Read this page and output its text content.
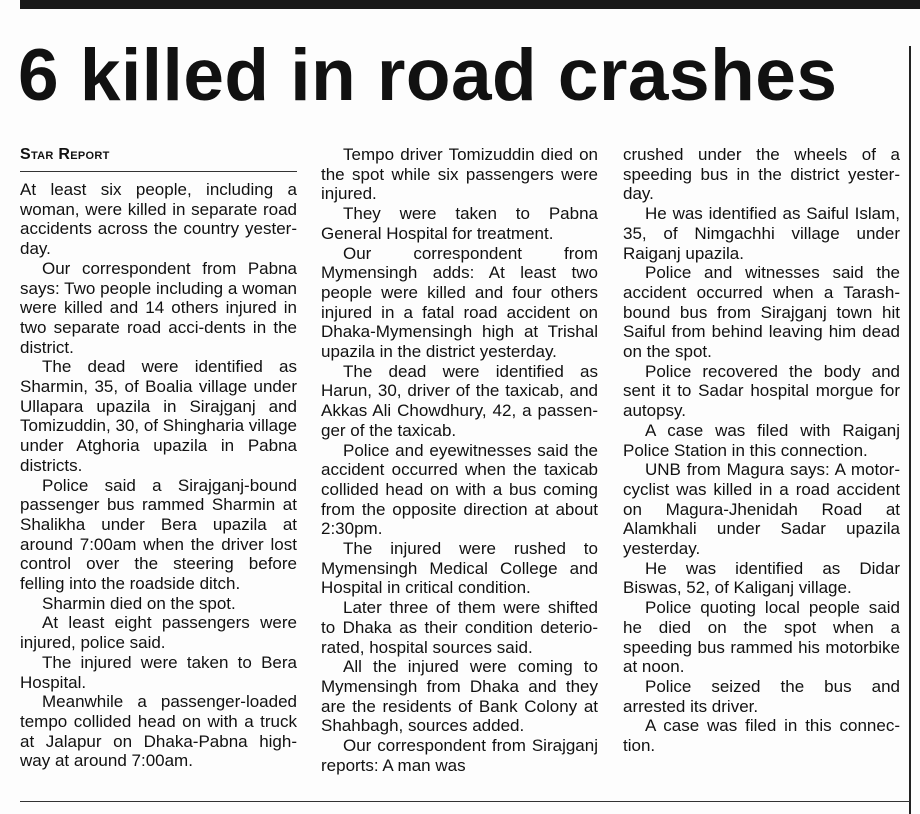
6 killed in road crashes
Star Report

At least six people, including a woman, were killed in separate road accidents across the country yester-day.

Our correspondent from Pabna says: Two people including a woman were killed and 14 others injured in two separate road acci-dents in the district.

The dead were identified as Sharmin, 35, of Boalia village under Ullapara upazila in Sirajganj and Tomizuddin, 30, of Shingharia village under Atghoria upazila in Pabna districts.

Police said a Sirajganj-bound passenger bus rammed Sharmin at Shalikha under Bera upazila at around 7:00am when the driver lost control over the steering before felling into the roadside ditch.

Sharmin died on the spot.

At least eight passengers were injured, police said.

The injured were taken to Bera Hospital.

Meanwhile a passenger-loaded tempo collided head on with a truck at Jalapur on Dhaka-Pabna high-way at around 7:00am.

Tempo driver Tomizuddin died on the spot while six passengers were injured.

They were taken to Pabna General Hospital for treatment.

Our correspondent from Mymensingh adds: At least two people were killed and four others injured in a fatal road accident on Dhaka-Mymensingh high at Trishal upazila in the district yesterday.

The dead were identified as Harun, 30, driver of the taxicab, and Akkas Ali Chowdhury, 42, a passen-ger of the taxicab.

Police and eyewitnesses said the accident occurred when the taxicab collided head on with a bus coming from the opposite direction at about 2:30pm.

The injured were rushed to Mymensingh Medical College and Hospital in critical condition.

Later three of them were shifted to Dhaka as their condition deterio-rated, hospital sources said.

All the injured were coming to Mymensingh from Dhaka and they are the residents of Bank Colony at Shahbagh, sources added.

Our correspondent from Sirajganj reports: A man was

crushed under the wheels of a speeding bus in the district yester-day.

He was identified as Saiful Islam, 35, of Nimgachhi village under Raiganj upazila.

Police and witnesses said the accident occurred when a Tarash-bound bus from Sirajganj town hit Saiful from behind leaving him dead on the spot.

Police recovered the body and sent it to Sadar hospital morgue for autopsy.

A case was filed with Raiganj Police Station in this connection.

UNB from Magura says: A motor-cyclist was killed in a road accident on Magura-Jhenidah Road at Alamkhali under Sadar upazila yesterday.

He was identified as Didar Biswas, 52, of Kaliganj village.

Police quoting local people said he died on the spot when a speeding bus rammed his motorbike at noon.

Police seized the bus and arrested its driver.

A case was filed in this connec-tion.
